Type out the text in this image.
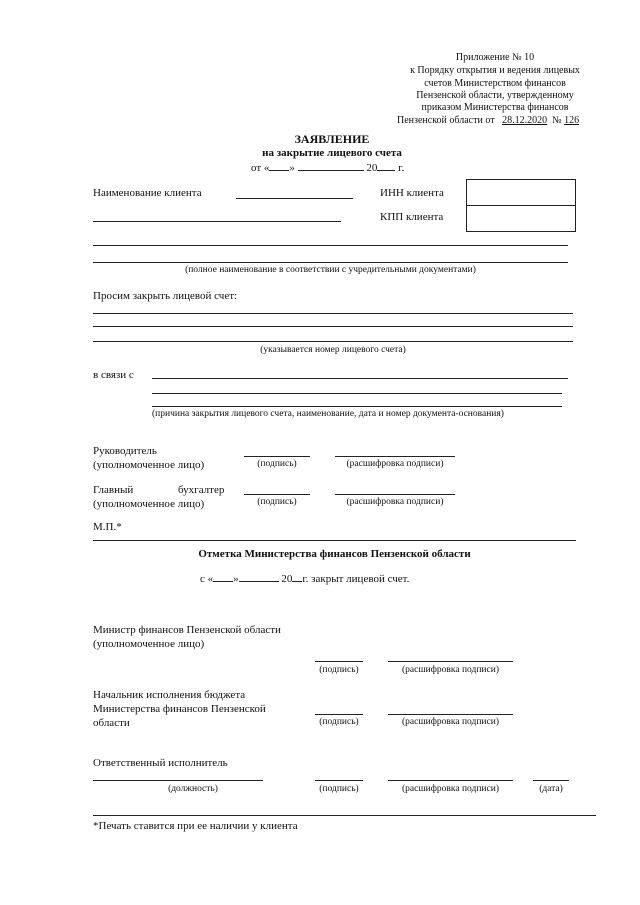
Приложение № 10
к Порядку открытия и ведения лицевых
счетов Министерством финансов
Пензенской области, утвержденному
приказом Министерства финансов
Пензенской области от 28.12.2020 № 126
ЗАЯВЛЕНИЕ
на закрытие лицевого счета
от « »	20 г.
Наименование клиента	ИНН клиента
КПП клиента
(полное наименование в соответствии с учредительными документами)
Просим закрыть лицевой счет:
(указывается номер лицевого счета)
в связи с
(причина закрытия лицевого счета, наименование, дата и номер документа-основания)
Руководитель
(уполномоченное лицо)	(подпись)	(расшифровка подписи)
Главный	бухгалтер
(уполномоченное лицо)	(подпись)	(расшифровка подписи)
М.П.*
Отметка Министерства финансов Пензенской области
с « »	20 г. закрыт лицевой счет.
Министр финансов Пензенской области
(уполномоченное лицо)
(подпись)	(расшифровка подписи)
Начальник исполнения бюджета
Министерства финансов Пензенской
области	(подпись)	(расшифровка подписи)
Ответственный исполнитель
(должность)	(подпись)	(расшифровка подписи)	(дата)
*Печать ставится при ее наличии у клиента
